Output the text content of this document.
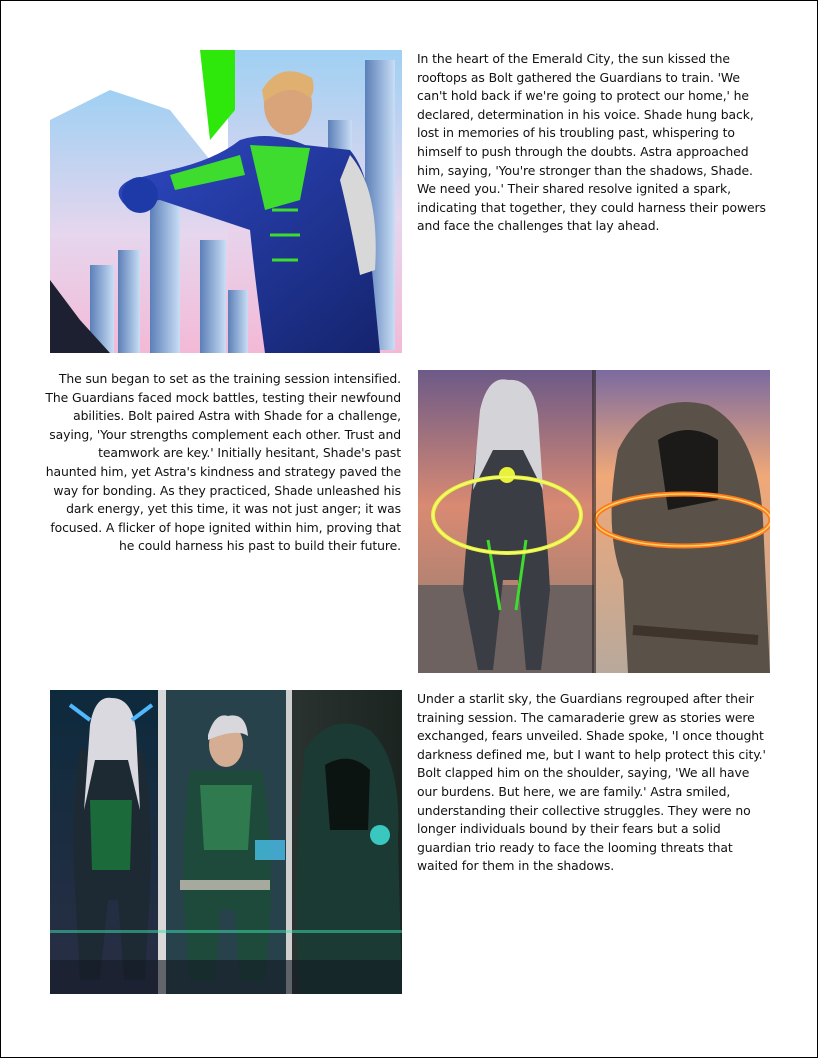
In the heart of the Emerald City, the sun kissed the rooftops as Bolt gathered the Guardians to train. 'We can't hold back if we're going to protect our home,' he declared, determination in his voice. Shade hung back, lost in memories of his troubling past, whispering to himself to push through the doubts. Astra approached him, saying, 'You're stronger than the shadows, Shade. We need you.' Their shared resolve ignited a spark, indicating that together, they could harness their powers and face the challenges that lay ahead.
The sun began to set as the training session intensified. The Guardians faced mock battles, testing their newfound abilities. Bolt paired Astra with Shade for a challenge, saying, 'Your strengths complement each other. Trust and teamwork are key.' Initially hesitant, Shade's past haunted him, yet Astra's kindness and strategy paved the way for bonding. As they practiced, Shade unleashed his dark energy, yet this time, it was not just anger; it was focused. A flicker of hope ignited within him, proving that he could harness his past to build their future.
Under a starlit sky, the Guardians regrouped after their training session. The camaraderie grew as stories were exchanged, fears unveiled. Shade spoke, 'I once thought darkness defined me, but I want to help protect this city.' Bolt clapped him on the shoulder, saying, 'We all have our burdens. But here, we are family.' Astra smiled, understanding their collective struggles. They were no longer individuals bound by their fears but a solid guardian trio ready to face the looming threats that waited for them in the shadows.
